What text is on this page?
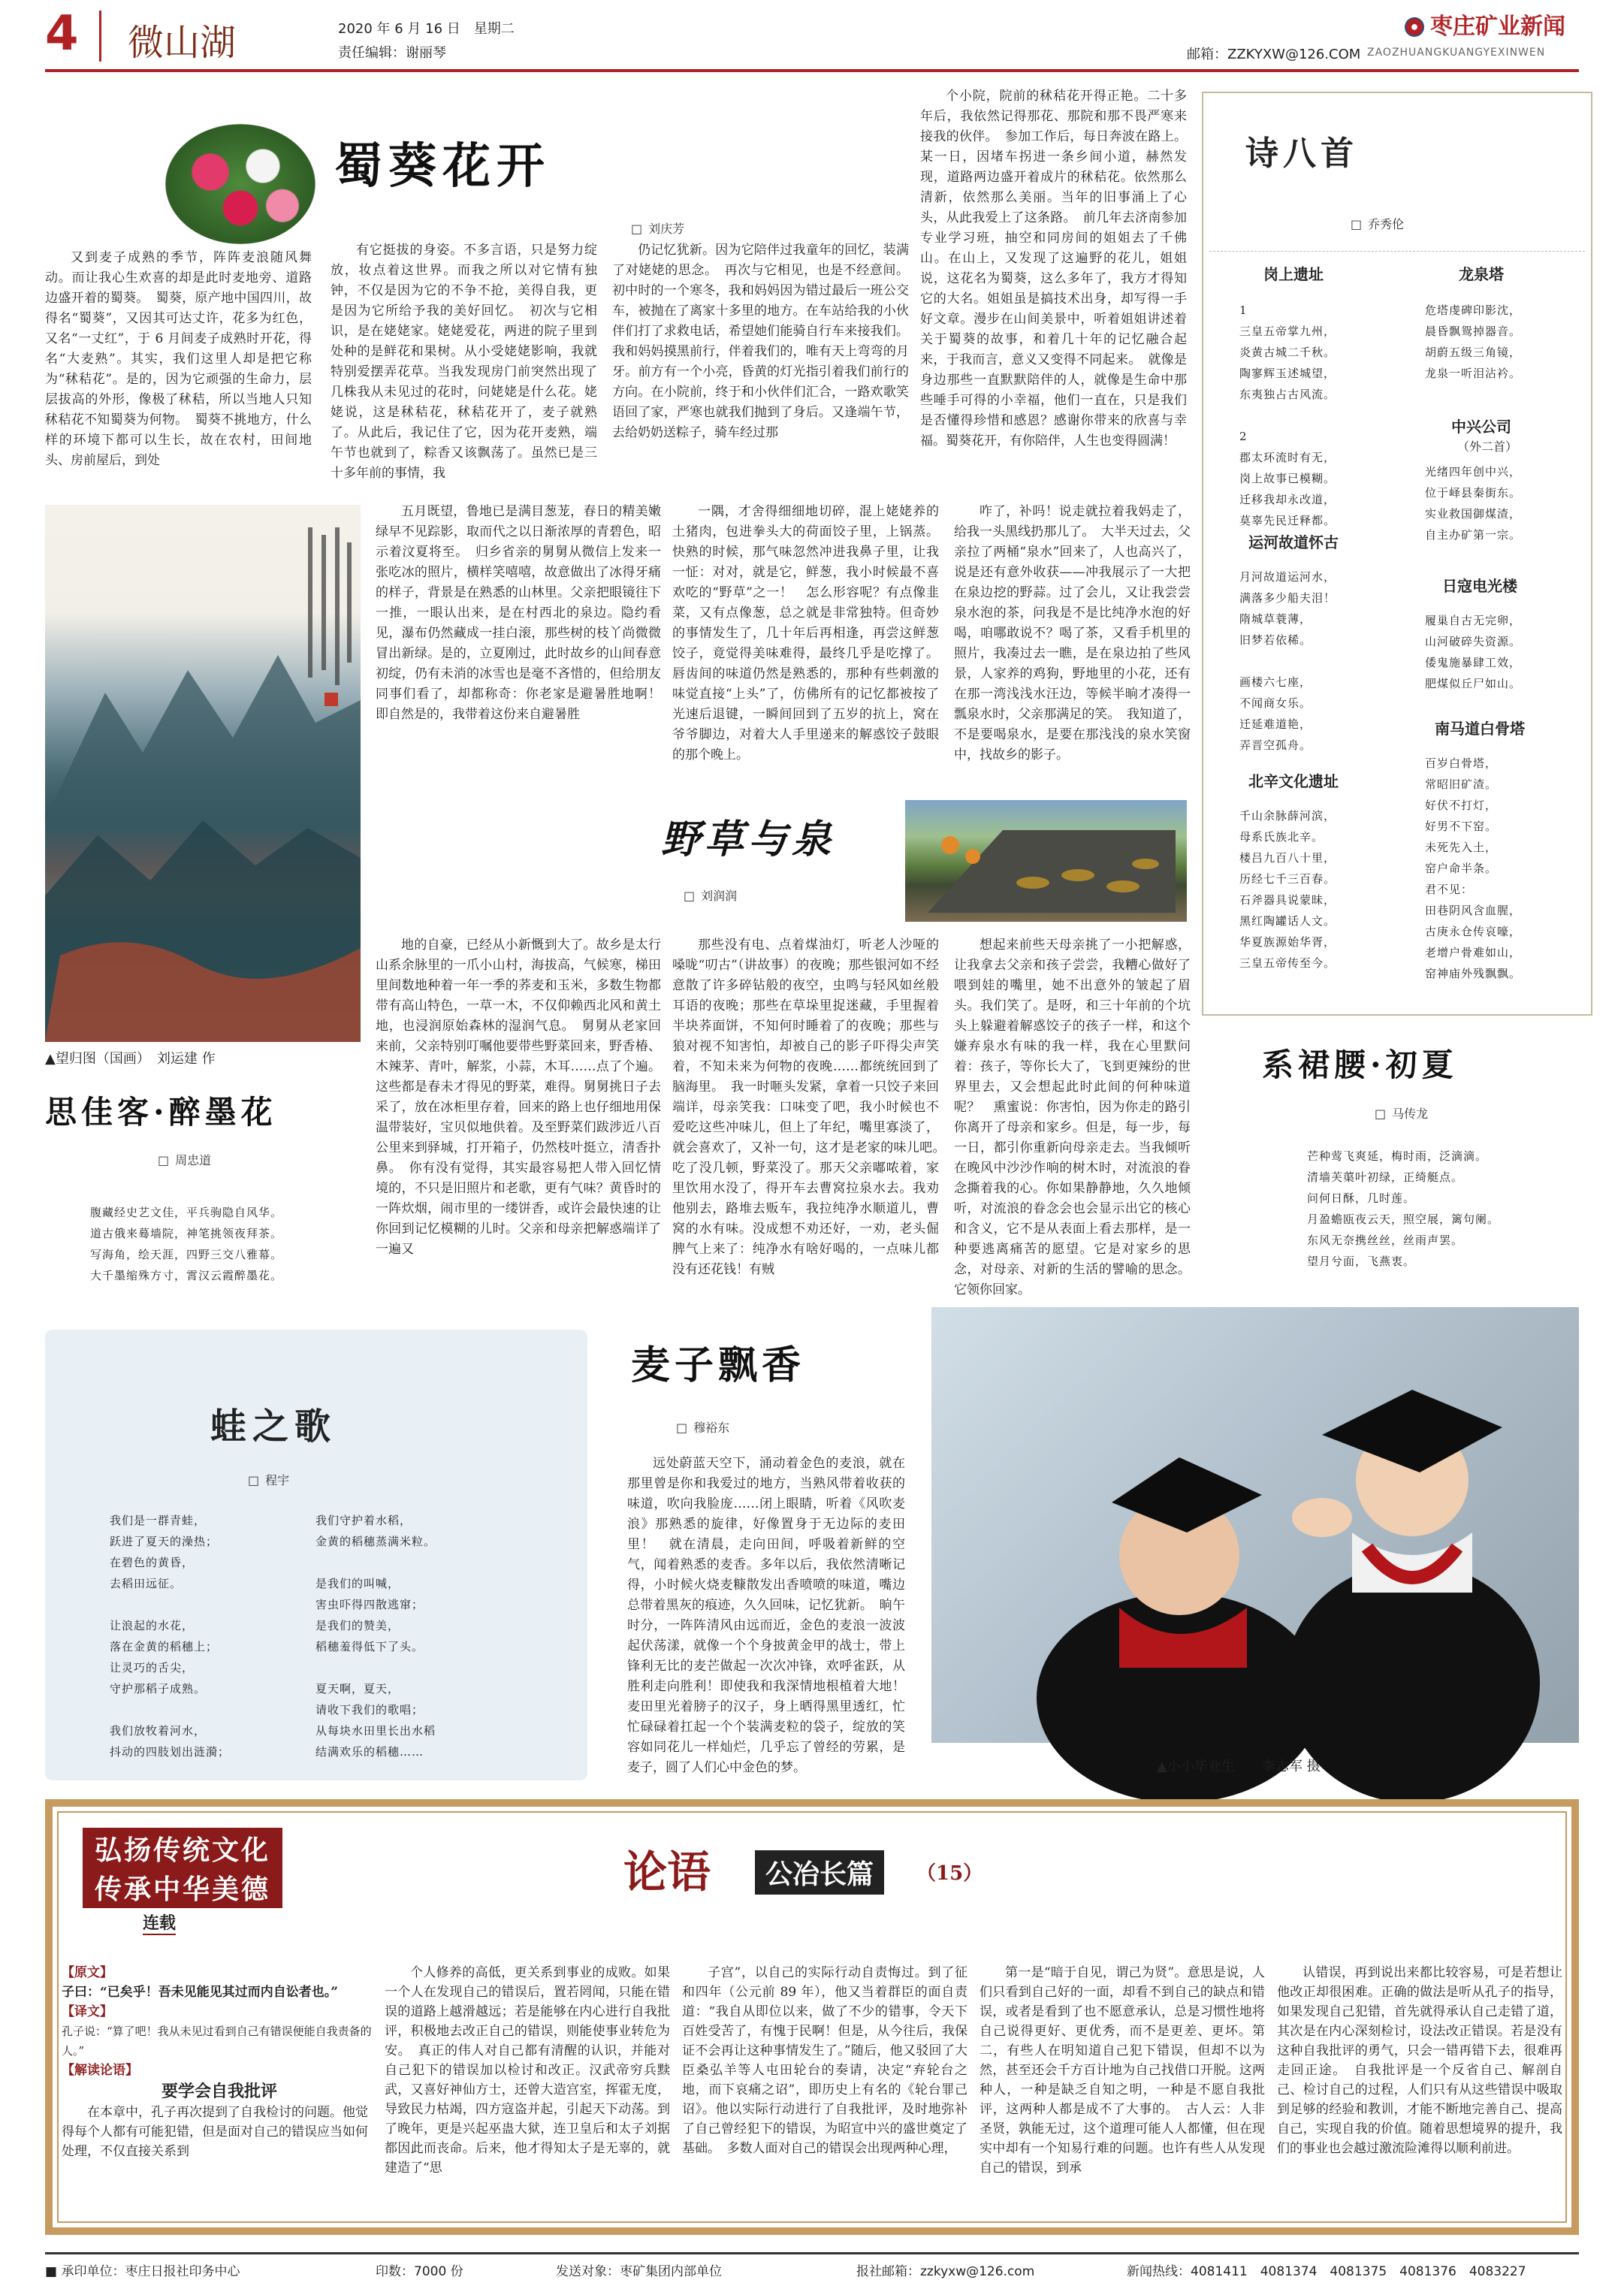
4 微山湖	2020 年 6 月 16 日　星期二
责任编辑：谢丽琴	邮箱：ZZKYXW@126.COM
枣庄矿业新闻
ZAOZHUANGKUANGYEXINWEN
蜀葵花开
□ 刘庆芳

又到麦子成熟的季节，阵阵麦浪随风舞动。而让我心生欢喜的却是此时麦地旁、道路边盛开着的蜀葵。　蜀葵，原产地中国四川，故得名“蜀葵”，又因其可达丈许，花多为红色，又名“一丈红”，于 6 月间麦子成熟时开花，得名“大麦熟”。其实，我们这里人却是把它称为“秫秸花”。是的，因为它顽强的生命力，层层拔高的外形，像极了秫秸，所以当地人只知秫秸花不知蜀葵为何物。　蜀葵不挑地方，什么样的环境下都可以生长，故在农村，田间地头、房前屋后，到处

有它挺拔的身姿。不多言语，只是努力绽放，妆点着这世界。而我之所以对它情有独钟，不仅是因为它的不争不抢，美得自我，更是因为它所给予我的美好回忆。　初次与它相识，是在姥姥家。姥姥爱花，两进的院子里到处种的是鲜花和果树。从小受姥姥影响，我就特别爱摆弄花草。当我发现房门前突然出现了几株我从未见过的花时，问姥姥是什么花。姥姥说，这是秫秸花，秫秸花开了，麦子就熟了。从此后，我记住了它，因为花开麦熟，端午节也就到了，粽香又该飘荡了。虽然已是三十多年前的事情，我

仍记忆犹新。因为它陪伴过我童年的回忆，装满了对姥姥的思念。　再次与它相见，也是不经意间。初中时的一个寒冬，我和妈妈因为错过最后一班公交车，被抛在了离家十多里的地方。在车站给我的小伙伴们打了求救电话，希望她们能骑自行车来接我们。我和妈妈摸黑前行，伴着我们的，唯有天上弯弯的月牙。前方有一个小亮，昏黄的灯光指引着我们前行的方向。在小院前，终于和小伙伴们汇合，一路欢歌笑语回了家，严寒也就我们抛到了身后。又逢端午节，去给奶奶送粽子，骑车经过那

个小院，院前的秫秸花开得正艳。二十多年后，我依然记得那花、那院和那不畏严寒来接我的伙伴。　参加工作后，每日奔波在路上。某一日，因堵车拐进一条乡间小道，赫然发现，道路两边盛开着成片的秫秸花。依然那么清新，依然那么美丽。当年的旧事涌上了心头，从此我爱上了这条路。　前几年去济南参加专业学习班，抽空和同房间的姐姐去了千佛山。在山上，又发现了这遍野的花儿，姐姐说，这花名为蜀葵，这么多年了，我方才得知它的大名。姐姐虽是搞技术出身，却写得一手好文章。漫步在山间美景中，听着姐姐讲述着关于蜀葵的故事，和着几十年的记忆融合起来，于我而言，意义又变得不同起来。　就像是身边那些一直默默陪伴的人，就像是生命中那些唾手可得的小幸福，他们一直在，只是我们是否懂得珍惜和感恩？感谢你带来的欣喜与幸福。蜀葵花开，有你陪伴，人生也变得圆满！

诗八首
□ 乔秀伦
岗上遗址
1
三皇五帝掌九州，
炎黄古城二千秋。
陶寥辉玉述城望，
东夷独占古风流。

2
郡太环流时有无，
岗上故事已模糊。
迁移我却永改道，
莫辜先民迁释都。
运河故道怀古
月河故道运河水，
满落多少船夫泪！
隋城草蓑薄，
旧梦若依稀。

画楼六七座，
不闻商女乐。
迁延难道艳，
弄晋空孤舟。
北辛文化遗址
千山余脉薛河滨，
母系氏族北辛。
楼吕九百八十里，
历经七千三百春。
石斧器具说蒙昧，
黑红陶罐话人文。
华夏族源始华胥，
三皇五帝传至今。
龙泉塔
危塔虔碑印影沈，
晨昏飘鸳掉器音。
胡蔚五级三角镜，
龙泉一听泪沾衿。
中兴公司
（外二首）
光绪四年创中兴，
位于峄县秦街东。
实业救国御煤渣，
自主办矿第一宗。
日寇电光楼
履巢自古无完卵，
山河破碎失资源。
倭鬼施暴肆工效，
肥煤似丘尸如山。
南马道白骨塔
百岁白骨塔，
常昭旧矿渣。
好伏不打灯，
好男不下窑。
未死先入土，
窑户命半条。
君不见：
田巷阴风含血腥，
古庚永仓传哀嚎，
老增户骨难如山，
窑神庙外残飘飘。
▲望归图（国画）　刘运建 作
思佳客·醉墨花
□ 周忠道
腹藏经史艺文佳，平兵驹隐自风华。
道古俄来蓦墙院，神笔挑领夜拜茶。
写海角，绘天涯，四野三交八雅幕。
大千墨缩殊方寸，霄汉云霞醉墨花。

五月既望，鲁地已是满目葱茏，春日的精美嫩绿早不见踪影，取而代之以日渐浓厚的青碧色，昭示着汶夏将至。　归乡省亲的舅舅从微信上发来一张吃冰的照片，横样笑嘻嘻，故意做出了冰得牙痛的样子，背景是在熟悉的山林里。父亲把眼镜往下一推，一眼认出来，是在村西北的泉边。隐约看见，瀑布仍然藏成一挂白滚，那些树的枝丫尚微微冒出新绿。是的，立夏刚过，此时故乡的山间春意初绽，仍有未消的冰雪也是毫不吝惜的，但给朋友同事们看了，却都称奇：你老家是避暑胜地啊！　即自然是的，我带着这份来自避暑胜

一隅，才舍得细细地切碎，混上姥姥养的土猪肉，包进拳头大的荷面饺子里，上锅蒸。快熟的时候，那气味忽然冲进我鼻子里，让我一怔：对对，就是它，鲜葱，我小时候最不喜欢吃的“野草”之一！　怎么形容呢？有点像韭菜，又有点像葱，总之就是非常独特。但奇妙的事情发生了，几十年后再相逢，再尝这鲜葱饺子，竟觉得美味难得，最终几乎是吃撑了。唇齿间的味道仍然是熟悉的，那种有些刺激的味觉直接“上头”了，仿佛所有的记忆都被按了光速后退键，一瞬间回到了五岁的抗上，窝在爷爷脚边，对着大人手里递来的解惑饺子鼓眼的那个晚上。

咋了，补吗！说走就拉着我妈走了，给我一头黑线扔那儿了。　大半天过去，父亲拉了两桶“泉水”回来了，人也高兴了，说是还有意外收获——冲我展示了一大把在泉边挖的野蒜。过了会儿，又让我尝尝泉水泡的茶，问我是不是比纯净水泡的好喝，咱哪敢说不？喝了茶，又看手机里的照片，我凑过去一瞧，是在泉边拍了些风景，人家养的鸡狗，野地里的小花，还有在那一湾浅浅水汪边，等候半晌才凑得一瓢泉水时，父亲那满足的笑。　我知道了，不是要喝泉水，是要在那浅浅的泉水笑窗中，找故乡的影子。

野草与泉
□ 刘润润

地的自豪，已经从小新慨到大了。故乡是太行山系余脉里的一爪小山村，海拔高，气候寒，梯田里间数地种着一年一季的荞麦和玉米，多数生物都带有高山特色，一草一木，不仅仰赖西北风和黄土地，也浸润原始森林的湿润气息。　舅舅从老家回来前，父亲特别叮嘱他要带些野菜回来，野香椿、木辣茅、青叶，解浆，小蒜，木耳……点了个遍。这些都是春未才得见的野菜，难得。舅舅挑日子去采了，放在冰柜里存着，回来的路上也仔细地用保温带装好，宝贝似地供着。及至野菜们跋涉近八百公里来到驿城，打开箱子，仍然枝叶挺立，清香扑鼻。　你有没有觉得，其实最容易把人带入回忆情境的，不只是旧照片和老歌，更有气味？黄昏时的一阵炊烟，闹市里的一缕饼香，或许会最快速的让你回到记忆模糊的儿时。父亲和母亲把解惑端详了一遍又

那些没有电、点着煤油灯，听老人沙哑的嗓咙“叨古”（讲故事）的夜晚；那些银河如不经意散了许多碎钻般的夜空，虫鸣与轻风如丝般耳语的夜晚；那些在草垛里捉迷藏，手里握着半块荞面饼，不知何时睡着了的夜晚；那些与狼对视不知害怕，却被自己的影子吓得尖声笑着，不知未来为何物的夜晚……都统统回到了脑海里。　我一时咂头发紧，拿着一只饺子来回端详，母亲笑我：口味变了吧，我小时候也不爱吃这些冲味儿，但上了年纪，嘴里寡淡了，就会喜欢了，又补一句，这才是老家的味儿吧。　吃了没几顿，野菜没了。那天父亲嘟哝着，家里饮用水没了，得开车去曹窝拉泉水去。我劝他别去，路堆去贩车，我拉纯净水顺道儿，曹窝的水有味。没成想不劝还好，一劝，老头倔脾气上来了：纯净水有啥好喝的，一点味儿都没有还花钱！有贼

想起来前些天母亲挑了一小把解惑，让我拿去父亲和孩子尝尝，我糟心做好了喂到娃的嘴里，她不出意外的皱起了眉头。我们笑了。是呀，和三十年前的个坑头上躲避着解惑饺子的孩子一样，和这个嫌弃泉水有味的我一样，我在心里默问着：孩子，等你长大了，飞到更辣纷的世界里去，又会想起此时此间的何种味道呢？　熏蜜说：你害怕，因为你走的路引你离开了母亲和家乡。但是，每一步，每一日，都引你重新向母亲走去。当我倾听在晚风中沙沙作响的树木时，对流浪的眷念撕着我的心。你如果静静地，久久地倾听，对流浪的眷念会也会显示出它的核心和含义，它不是从表面上看去那样，是一种要逃离痛苦的愿望。它是对家乡的思念，对母亲、对新的生活的譬喻的思念。它领你回家。

系裙腰·初夏
□ 马传龙
芒种莺飞爽延，梅时雨，泛滴滴。
清墙芙蕖叶初绿，正绮艇点。
问何日酥，几时莲。
月盈蟾瓯夜云天，照空展，篱句阑。
东风无奈携丝丝，丝雨声罢。
望月兮面，飞燕衷。
麦子飘香
□ 穆裕东

远处蔚蓝天空下，涌动着金色的麦浪，就在那里曾是你和我爱过的地方，当熟风带着收获的味道，吹向我脸庞……闭上眼睛，听着《风吹麦浪》那熟悉的旋律，好像置身于无边际的麦田里！　就在清晨，走向田间，呼吸着新鲜的空气，闻着熟悉的麦香。多年以后，我依然清晰记得，小时候火烧麦糠散发出香喷喷的味道，嘴边总带着黑灰的痕迹，久久回味，记忆犹新。　晌午时分，一阵阵清风由远而近，金色的麦浪一波波起伏荡漾，就像一个个身披黄金甲的战士，带上锋利无比的麦芒做起一次次冲锋，欢呼雀跃，从胜利走向胜利！即使我和我深情地根植着大地！　麦田里光着膀子的汉子，身上晒得黑里透红，忙忙碌碌着扛起一个个装满麦粒的袋子，绽放的笑容如同花儿一样灿烂，几乎忘了曾经的劳累，是麦子，圆了人们心中金色的梦。	▲小小毕业生　　李志军 摄
蛙之歌
□ 程宇
我们是一群青蛙，
跃进了夏天的澡热；
在碧色的黄昏，
去稻田远征。

让浪起的水花，
落在金黄的稻穗上；
让灵巧的舌尖，
守护那稻子成熟。

我们放牧着河水，
抖动的四肢划出涟漪；
我们守护着水稻，
金黄的稻穗蒸满米粒。

是我们的叫喊，
害虫吓得四散逃窜；
是我们的赞美，
稻穗羞得低下了头。

夏天啊，夏天，
请收下我们的歌唱；
从每块水田里长出水稻
结满欢乐的稻穗……
弘扬传统文化
传承中华美德
连载
论语	公冶长篇	（15）
【原文】
子曰：“已矣乎！吾未见能见其过而内自讼者也。”
【译文】
孔子说：“算了吧！我从未见过看到自己有错误便能自我责备的人。”
【解读论语】
要学会自我批评
在本章中，孔子再次提到了自我检讨的问题。他觉得每个人都有可能犯错，但是面对自己的错误应当如何处理，不仅直接关系到

个人修养的高低，更关系到事业的成败。如果一个人在发现自己的错误后，置若罔闻，只能在错误的道路上越滑越远；若是能够在内心进行自我批评，积极地去改正自己的错误，则能使事业转危为安。　真正的伟人对自己都有清醒的认识，并能对自己犯下的错误加以检讨和改正。汉武帝穷兵黩武，又喜好神仙方士，还曾大造宫室，挥霍无度，导致民力枯竭，四方寇盗并起，引起天下动荡。到了晚年，更是兴起巫蛊大狱，连卫皇后和太子刘据都因此而丧命。后来，他才得知太子是无辜的，就建造了“思

子宫”，以自己的实际行动自责悔过。到了征和四年（公元前 89 年），他又当着群臣的面自责道：“我自从即位以来，做了不少的错事，令天下百姓受苦了，有愧于民啊！但是，从今往后，我保证不会再让这种事情发生了。”随后，他又驳回了大臣桑弘羊等人屯田轮台的奏请，决定“弃轮台之地，而下哀痛之诏”，即历史上有名的《轮台罪己诏》。他以实际行动进行了自我批评，及时地弥补了自己曾经犯下的错误，为昭宣中兴的盛世奠定了基础。　多数人面对自己的错误会出现两种心理，

第一是“暗于自见，谓己为贤”。意思是说，人们只看到自己好的一面，却看不到自己的缺点和错误，或者是看到了也不愿意承认，总是习惯性地将自己说得更好、更优秀，而不是更差、更坏。第二，有些人在明知道自己犯下错误，但却不以为然，甚至还会千方百计地为自己找借口开脱。这两种人，一种是缺乏自知之明，一种是不愿自我批评，这两种人都是成不了大事的。　古人云：人非圣贤，孰能无过，这个道理可能人人都懂，但在现实中却有一个知易行难的问题。也许有些人从发现自己的错误，到承

认错误，再到说出来都比较容易，可是若想让他改正却很困难。正确的做法是听从孔子的指导，如果发现自己犯错，首先就得承认自己走错了道，其次是在内心深刻检讨，设法改正错误。若是没有这种自我批评的勇气，只会一错再错下去，很难再走回正途。　自我批评是一个反省自己、解剖自己、检讨自己的过程，人们只有从这些错误中吸取到足够的经验和教训，才能不断地完善自己、提高自己，实现自我的价值。随着思想境界的提升，我们的事业也会越过激流险滩得以顺利前进。

■ 承印单位：枣庄日报社印务中心	印数：7000 份	发送对象：枣矿集团内部单位	报社邮箱：zzkyxw@126.com	新闻热线：4081411　4081374　4081375　4081376　4083227
